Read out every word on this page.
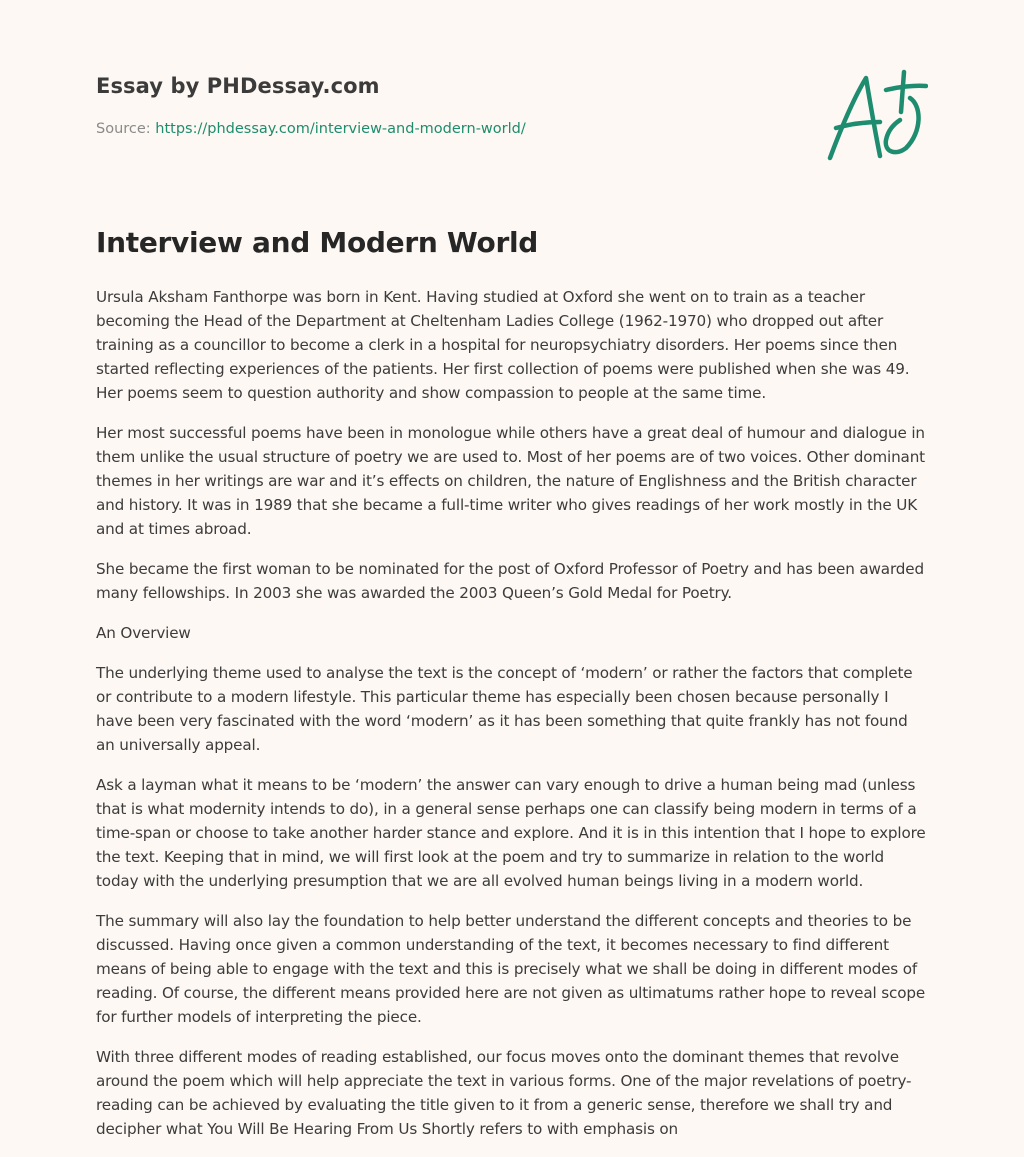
Essay by PHDessay.com
Source: https://phdessay.com/interview-and-modern-world/
Interview and Modern World

Ursula Aksham Fanthorpe was born in Kent. Having studied at Oxford she went on to train as a teacher becoming the Head of the Department at Cheltenham Ladies College (1962-1970) who dropped out after training as a councillor to become a clerk in a hospital for neuropsychiatry disorders. Her poems since then started reflecting experiences of the patients. Her first collection of poems were published when she was 49. Her poems seem to question authority and show compassion to people at the same time.

Her most successful poems have been in monologue while others have a great deal of humour and dialogue in them unlike the usual structure of poetry we are used to. Most of her poems are of two voices. Other dominant themes in her writings are war and it’s effects on children, the nature of Englishness and the British character and history. It was in 1989 that she became a full-time writer who gives readings of her work mostly in the UK and at times abroad.

She became the first woman to be nominated for the post of Oxford Professor of Poetry and has been awarded many fellowships. In 2003 she was awarded the 2003 Queen’s Gold Medal for Poetry.

An Overview

The underlying theme used to analyse the text is the concept of ‘modern’ or rather the factors that complete or contribute to a modern lifestyle. This particular theme has especially been chosen because personally I have been very fascinated with the word ‘modern’ as it has been something that quite frankly has not found an universally appeal.

Ask a layman what it means to be ‘modern’ the answer can vary enough to drive a human being mad (unless that is what modernity intends to do), in a general sense perhaps one can classify being modern in terms of a time-span or choose to take another harder stance and explore. And it is in this intention that I hope to explore the text. Keeping that in mind, we will first look at the poem and try to summarize in relation to the world today with the underlying presumption that we are all evolved human beings living in a modern world.

The summary will also lay the foundation to help better understand the different concepts and theories to be discussed. Having once given a common understanding of the text, it becomes necessary to find different means of being able to engage with the text and this is precisely what we shall be doing in different modes of reading. Of course, the different means provided here are not given as ultimatums rather hope to reveal scope for further models of interpreting the piece.

With three different modes of reading established, our focus moves onto the dominant themes that revolve around the poem which will help appreciate the text in various forms. One of the major revelations of poetry-reading can be achieved by evaluating the title given to it from a generic sense, therefore we shall try and decipher what You Will Be Hearing From Us Shortly refers to with emphasis on
